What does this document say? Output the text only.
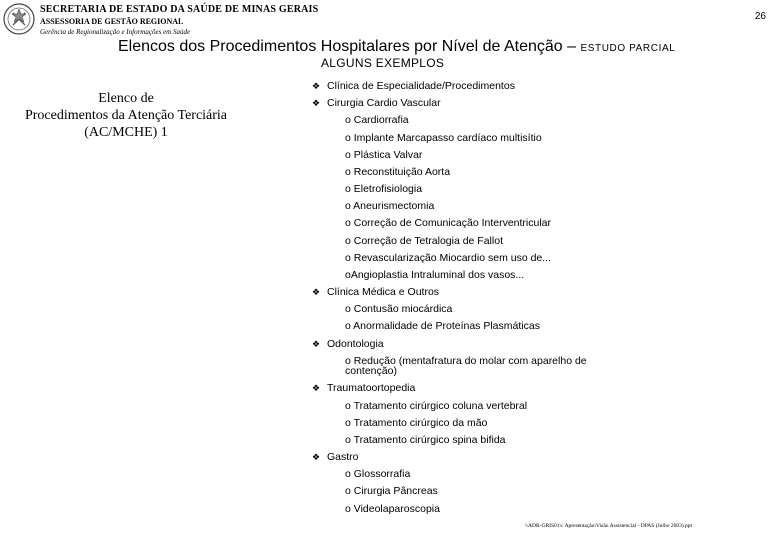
SECRETARIA DE ESTADO DA SAÚDE DE MINAS GERAIS
ASSESSORIA DE GESTÃO REGIONAL
Gerência de Regionalização e Informações em Saúde
26
Elencos dos Procedimentos Hospitalares por Nível de Atenção – ESTUDO PARCIAL
ALGUNS EXEMPLOS
Elenco de
Procedimentos da Atenção Terciária
(AC/MCHE) 1
Clínica de Especialidade/Procedimentos
Cirurgia Cardio Vascular
o Cardiorrafia
o Implante Marcapasso cardíaco multisítio
o Plástica Valvar
o Reconstituição Aorta
o Eletrofisiologia
o Aneurismectomia
o Correção de Comunicação Interventricular
o Correção de Tetralogia de Fallot
o Revascularização Miocardio sem uso de...
oAngioplastia Intraluminal dos vasos...
Clínica Médica e Outros
o Contusão miocárdica
o Anormalidade de Proteínas Plasmáticas
Odontologia
o Redução (mentafratura do molar com aparelho de
contenção)
Traumatoortopedia
o Tratamento cirúrgico coluna vertebral
o Tratamento cirúrgico da mão
o Tratamento cirúrgico spina bifida
Gastro
o Glossorrafia
o Cirurgia Pâncreas
o Videolaparoscopia
❖
❖
❖
❖
❖
❖
\\ADR-GRIS01\c Apresentação\Visão Assistencial - DPAS (Julho 2003).ppt
